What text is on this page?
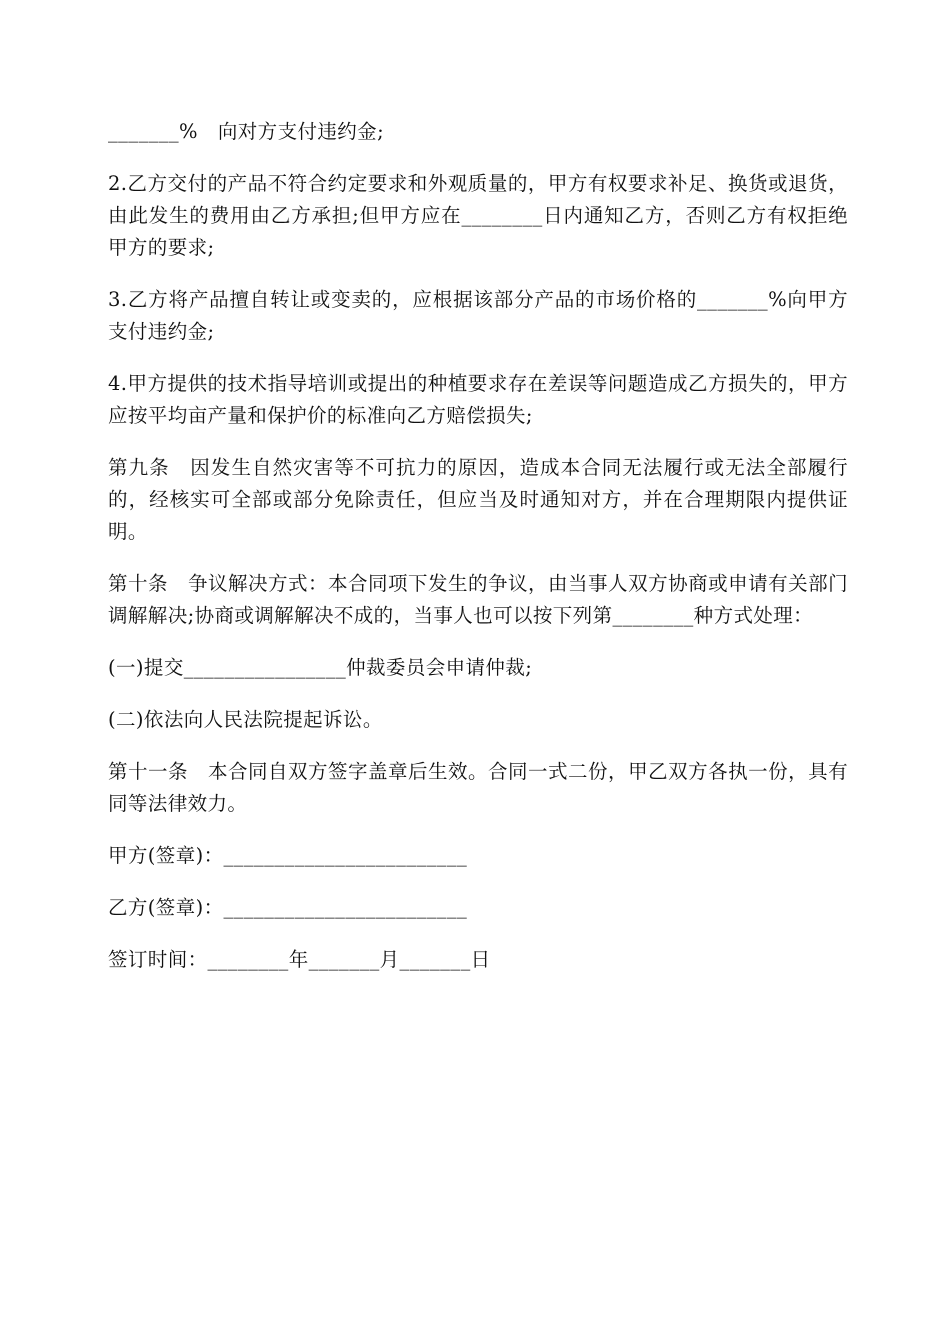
_______%　向对方支付违约金;

2.乙方交付的产品不符合约定要求和外观质量的，甲方有权要求补足、换货或退货，由此发生的费用由乙方承担;但甲方应在________日内通知乙方，否则乙方有权拒绝甲方的要求;

3.乙方将产品擅自转让或变卖的，应根据该部分产品的市场价格的_______%向甲方支付违约金;

4.甲方提供的技术指导培训或提出的种植要求存在差误等问题造成乙方损失的，甲方应按平均亩产量和保护价的标准向乙方赔偿损失;

第九条　因发生自然灾害等不可抗力的原因，造成本合同无法履行或无法全部履行的，经核实可全部或部分免除责任，但应当及时通知对方，并在合理期限内提供证明。

第十条　争议解决方式：本合同项下发生的争议，由当事人双方协商或申请有关部门调解解决;协商或调解解决不成的，当事人也可以按下列第________种方式处理：

(一)提交________________仲裁委员会申请仲裁;

(二)依法向人民法院提起诉讼。

第十一条　本合同自双方签字盖章后生效。合同一式二份，甲乙双方各执一份，具有同等法律效力。

甲方(签章)：________________________

乙方(签章)：________________________

签订时间：________年_______月_______日
